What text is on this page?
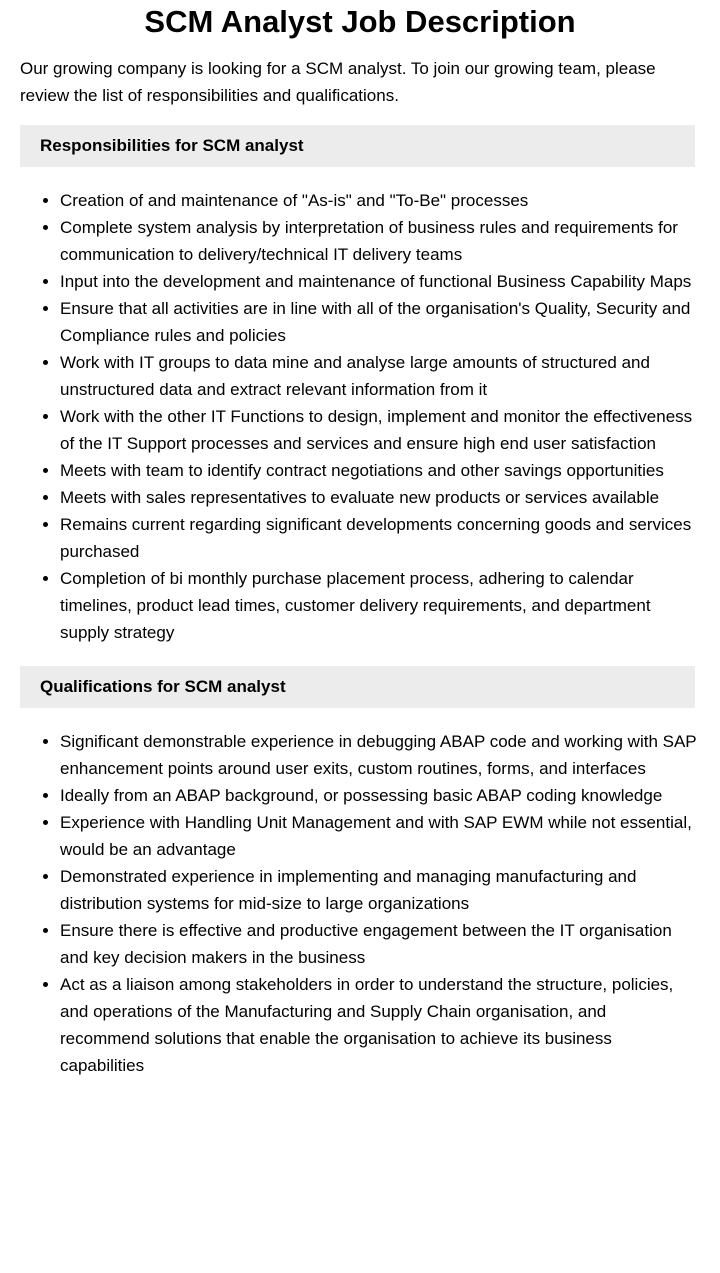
SCM Analyst Job Description

Our growing company is looking for a SCM analyst. To join our growing team, please review the list of responsibilities and qualifications.

Responsibilities for SCM analyst
• Creation of and maintenance of "As-is" and "To-Be" processes
• Complete system analysis by interpretation of business rules and requirements for communication to delivery/technical IT delivery teams
• Input into the development and maintenance of functional Business Capability Maps
• Ensure that all activities are in line with all of the organisation's Quality, Security and Compliance rules and policies
• Work with IT groups to data mine and analyse large amounts of structured and unstructured data and extract relevant information from it
• Work with the other IT Functions to design, implement and monitor the effectiveness of the IT Support processes and services and ensure high end user satisfaction
• Meets with team to identify contract negotiations and other savings opportunities
• Meets with sales representatives to evaluate new products or services available
• Remains current regarding significant developments concerning goods and services purchased
• Completion of bi monthly purchase placement process, adhering to calendar timelines, product lead times, customer delivery requirements, and department supply strategy
Qualifications for SCM analyst
• Significant demonstrable experience in debugging ABAP code and working with SAP enhancement points around user exits, custom routines, forms, and interfaces
• Ideally from an ABAP background, or possessing basic ABAP coding knowledge
• Experience with Handling Unit Management and with SAP EWM while not essential, would be an advantage
• Demonstrated experience in implementing and managing manufacturing and distribution systems for mid-size to large organizations
• Ensure there is effective and productive engagement between the IT organisation and key decision makers in the business
• Act as a liaison among stakeholders in order to understand the structure, policies, and operations of the Manufacturing and Supply Chain organisation, and recommend solutions that enable the organisation to achieve its business capabilities
